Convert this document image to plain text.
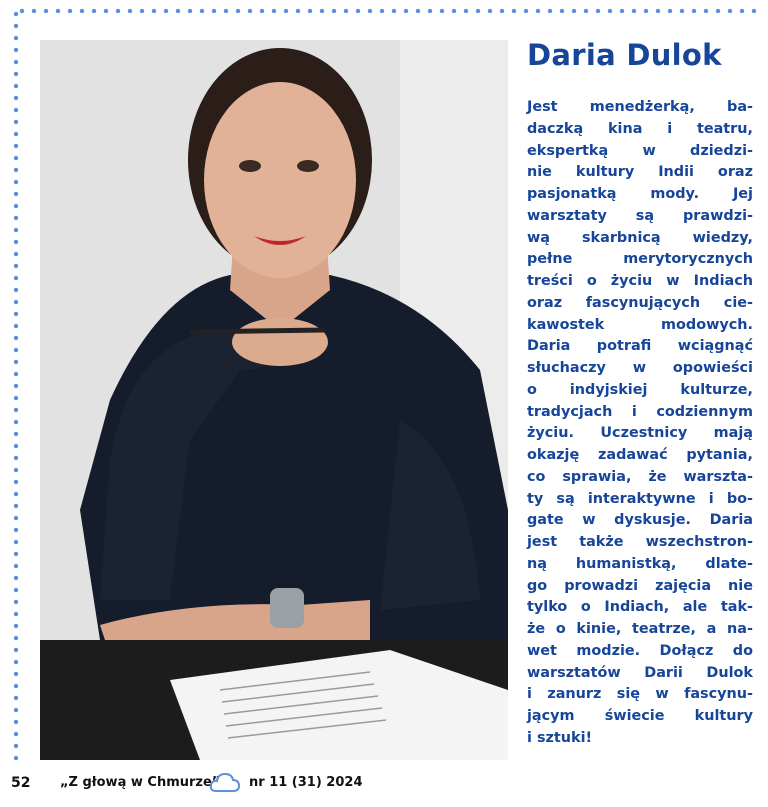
Daria Dulok
Jest menedżerką, ba-
daczką kina i teatru,
ekspertką w dziedzi-
nie kultury Indii oraz
pasjonatką mody. Jej
warsztaty są prawdzi-
wą skarbnicą wiedzy,
pełne merytorycznych
treści o życiu w Indiach
oraz fascynujących cie-
kawostek modowych.
Daria potrafi wciągnąć
słuchaczy w opowieści
o indyjskiej kulturze,
tradycjach i codziennym
życiu. Uczestnicy mają
okazję zadawać pytania,
co sprawia, że warszta-
ty są interaktywne i bo-
gate w dyskusje. Daria
jest także wszechstron-
ną humanistką, dlate-
go prowadzi zajęcia nie
tylko o Indiach, ale tak-
że o kinie, teatrze, a na-
wet modzie. Dołącz do
warsztatów Darii Dulok
i zanurz się w fascynu-
jącym świecie kultury
i sztuki!
52 „Z głową w Chmurze” nr 11 (31) 2024
